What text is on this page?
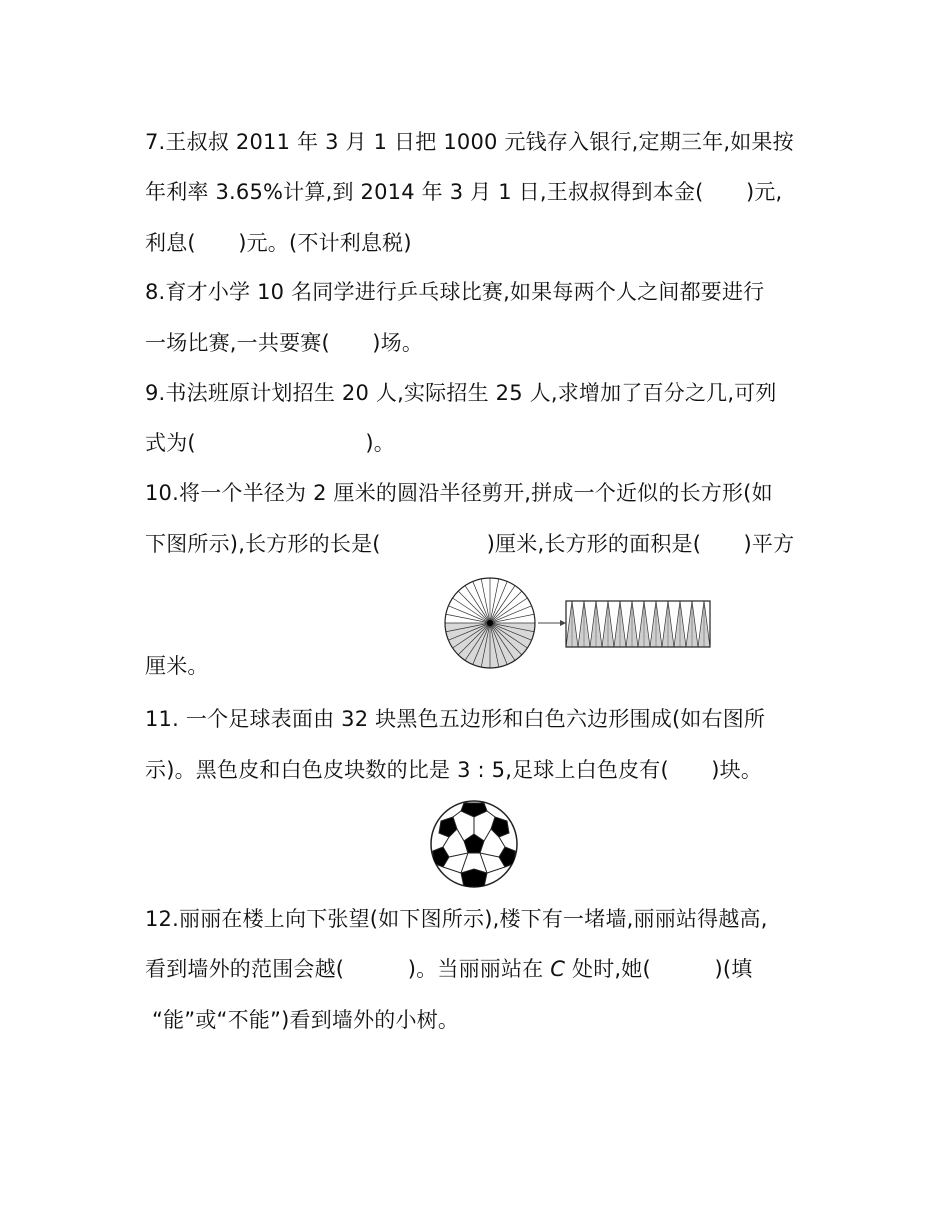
7.王叔叔 2011 年 3 月 1 日把 1000 元钱存入银行,定期三年,如果按
年利率 3.65%计算,到 2014 年 3 月 1 日,王叔叔得到本金(　　)元,
利息(　　)元。(不计利息税)
8.育才小学 10 名同学进行乒乓球比赛,如果每两个人之间都要进行
一场比赛,一共要赛(　　)场。
9.书法班原计划招生 20 人,实际招生 25 人,求增加了百分之几,可列
式为(　　　　　　　　)。
10.将一个半径为 2 厘米的圆沿半径剪开,拼成一个近似的长方形(如
下图所示),长方形的长是(　　　　　)厘米,长方形的面积是(　　)平方
厘米。
11. 一个足球表面由 32 块黑色五边形和白色六边形围成(如右图所
示)。黑色皮和白色皮块数的比是 3 : 5,足球上白色皮有(　　)块。
12.丽丽在楼上向下张望(如下图所示),楼下有一堵墙,丽丽站得越高,
看到墙外的范围会越(　　　)。当丽丽站在 C 处时,她(　　　)(填
“能”或“不能”)看到墙外的小树。
